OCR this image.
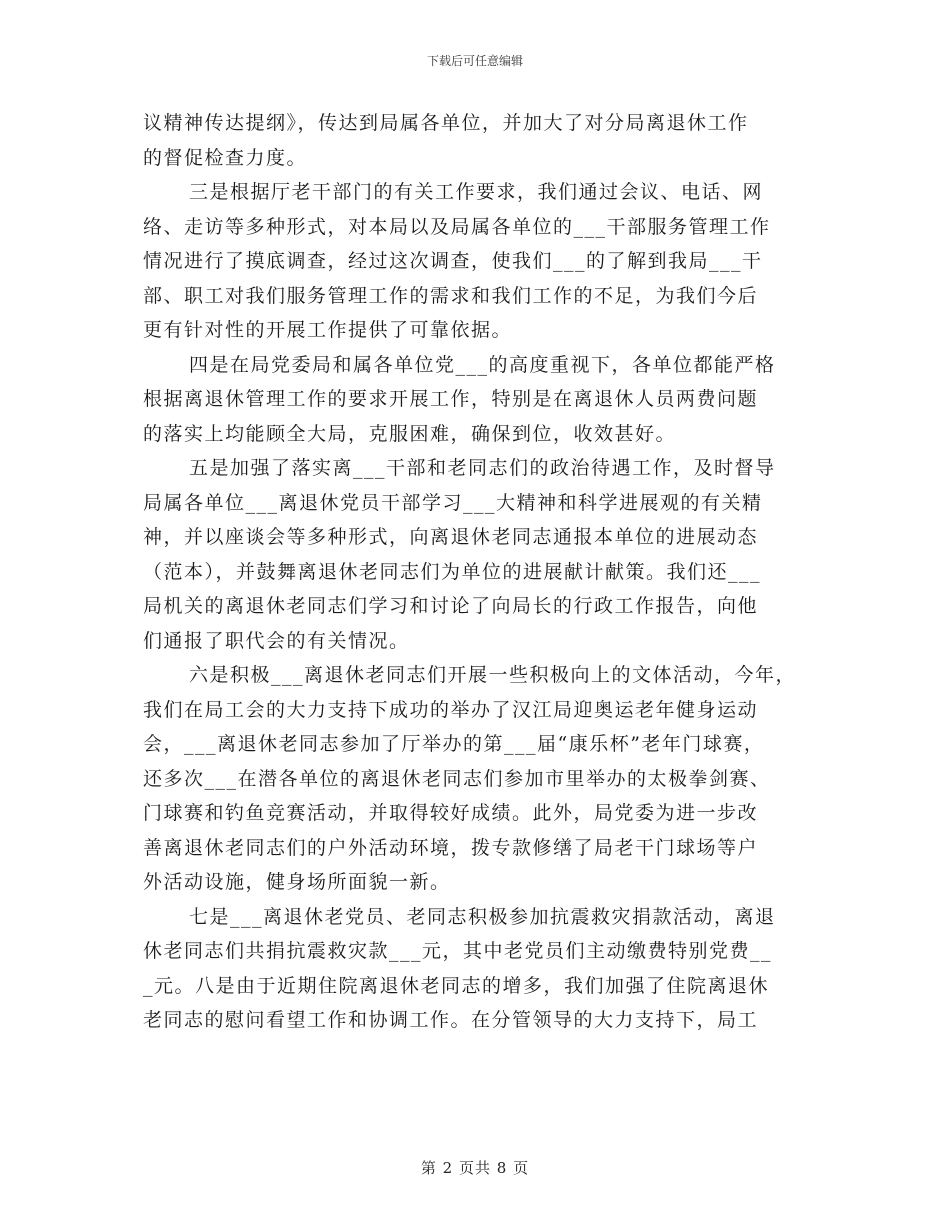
下载后可任意编辑
议精神传达提纲》，传达到局属各单位，并加大了对分局离退休工作
的督促检查力度。
三是根据厅老干部门的有关工作要求，我们通过会议、电话、网
络、走访等多种形式，对本局以及局属各单位的___干部服务管理工作
情况进行了摸底调查，经过这次调查，使我们___的了解到我局___干
部、职工对我们服务管理工作的需求和我们工作的不足，为我们今后
更有针对性的开展工作提供了可靠依据。
四是在局党委局和属各单位党___的高度重视下，各单位都能严格
根据离退休管理工作的要求开展工作，特别是在离退休人员两费问题
的落实上均能顾全大局，克服困难，确保到位，收效甚好。
五是加强了落实离___干部和老同志们的政治待遇工作，及时督导
局属各单位___离退休党员干部学习___大精神和科学进展观的有关精
神，并以座谈会等多种形式，向离退休老同志通报本单位的进展动态
（范本），并鼓舞离退休老同志们为单位的进展献计献策。我们还___
局机关的离退休老同志们学习和讨论了向局长的行政工作报告，向他
们通报了职代会的有关情况。
六是积极___离退休老同志们开展一些积极向上的文体活动，今年，
我们在局工会的大力支持下成功的举办了汉江局迎奥运老年健身运动
会，___离退休老同志参加了厅举办的第___届“康乐杯”老年门球赛，
还多次___在潜各单位的离退休老同志们参加市里举办的太极拳剑赛、
门球赛和钓鱼竞赛活动，并取得较好成绩。此外，局党委为进一步改
善离退休老同志们的户外活动环境，拨专款修缮了局老干门球场等户
外活动设施，健身场所面貌一新。
七是___离退休老党员、老同志积极参加抗震救灾捐款活动，离退
休老同志们共捐抗震救灾款___元，其中老党员们主动缴费特别党费__
_元。八是由于近期住院离退休老同志的增多，我们加强了住院离退休
老同志的慰问看望工作和协调工作。在分管领导的大力支持下，局工
第 2 页共 8 页
